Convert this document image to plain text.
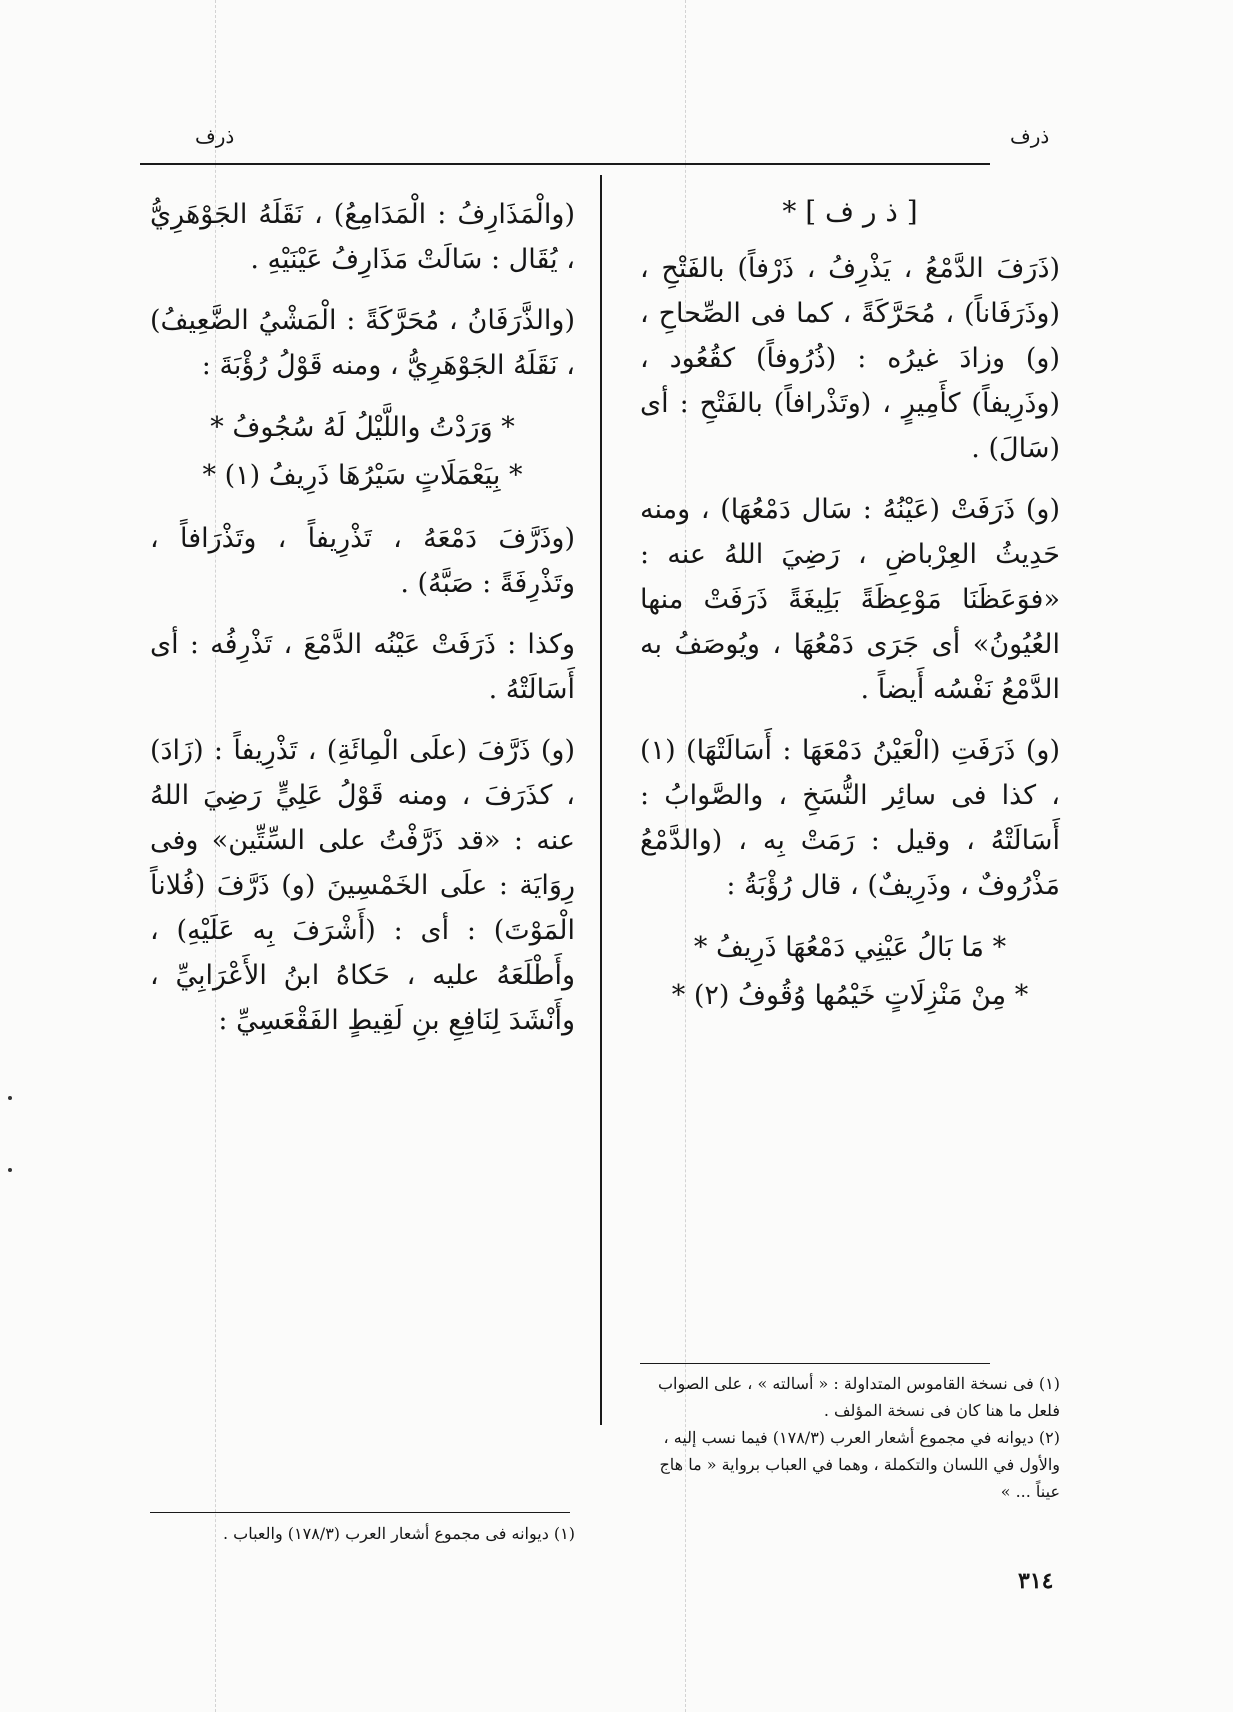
ذرف
ذرف

[ ذ ر ف ] *

(ذَرَفَ الدَّمْعُ ، يَذْرِفُ ، ذَرْفاً) بالفَتْحِ ، (وذَرَفَاناً) ، مُحَرَّكَةً ، كما فى الصِّحاحِ ، (و) وزادَ غيرُه : (ذُرُوفاً) كقُعُود ، (وذَرِيفاً) كأَمِيرٍ ، (وتَذْرافاً) بالفَتْحِ : أى (سَالَ) .

(و) ذَرَفَتْ (عَيْنُهُ : سَال دَمْعُهَا) ، ومنه حَدِيثُ العِرْباضِ ، رَضِيَ اللهُ عنه : «فوَعَظَنَا مَوْعِظَةً بَلِيغَةً ذَرَفَتْ منها العُيُونُ» أى جَرَى دَمْعُهَا ، ويُوصَفُ به الدَّمْعُ نَفْسُه أَيضاً .

(و) ذَرَفَتِ (الْعَيْنُ دَمْعَهَا : أَسَالَتْهَا) (١) ، كذا فى سائِر النُّسَخِ ، والصَّوابُ : أَسَالَتْهُ ، وقيل : رَمَتْ بِه ، (والدَّمْعُ مَذْرُوفٌ ، وذَرِيفٌ) ، قال رُؤْبَةُ :

* مَا بَالُ عَيْنِي دَمْعُهَا ذَرِيفُ *

* مِنْ مَنْزِلَاتٍ خَيْمُها وُقُوفُ (٢) *

(١) فى نسخة القاموس المتداولة : « أسالته » ، على الصواب فلعل ما هنا كان فى نسخة المؤلف .

(٢) ديوانه في مجموع أشعار العرب (١٧٨/٣) فيما نسب إليه ، والأول في اللسان والتكملة ، وهما في العباب برواية « ما هاج عيناً ... »

(والْمَذَارِفُ : الْمَدَامِعُ) ، نَقَلَهُ الجَوْهَرِيُّ ، يُقَال : سَالَتْ مَذَارِفُ عَيْنَيْهِ .

(والذَّرَفَانُ ، مُحَرَّكَةً : الْمَشْيُ الضَّعِيفُ) ، نَقَلَهُ الجَوْهَرِيُّ ، ومنه قَوْلُ رُؤْبَةَ :

* وَرَدْتُ واللَّيْلُ لَهُ سُجُوفُ *

* بِيَعْمَلَاتٍ سَيْرُهَا ذَرِيفُ (١) *

(وذَرَّفَ دَمْعَهُ ، تَذْرِيفاً ، وتَذْرَافاً ، وتَذْرِفَةً : صَبَّهُ) .

وكذا : ذَرَفَتْ عَيْنُه الدَّمْعَ ، تَذْرِفُه : أى أَسَالَتْهُ .

(و) ذَرَّفَ (علَى الْمِائَةِ) ، تَذْرِيفاً : (زَادَ) ، كذَرَفَ ، ومنه قَوْلُ عَلِيٍّ رَضِيَ اللهُ عنه : «قد ذَرَّفْتُ على السِّتِّين» وفى رِوَايَة : علَى الخَمْسِينَ (و) ذَرَّفَ (فُلاناً الْمَوْتَ) : أى : (أَشْرَفَ بِه عَلَيْهِ) ، وأَطْلَعَهُ عليه ، حَكاهُ ابنُ الأَعْرَابِيِّ ، وأَنْشَدَ لِنَافِعِ بنِ لَقِيطٍ الفَقْعَسِيِّ :

(١) ديوانه فى مجموع أشعار العرب (١٧٨/٣) والعباب .

٣١٤
